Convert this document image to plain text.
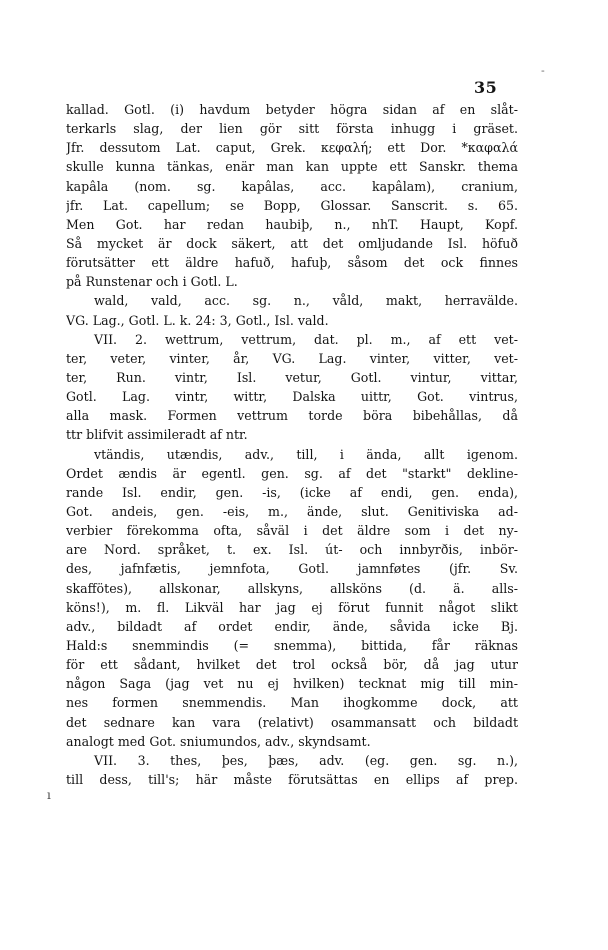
35
-
ı
kallad. Gotl. (i) havdum betyder högra sidan af en slåt-
terkarls slag, der lien gör sitt första inhugg i gräset.
Jfr. dessutom Lat. caput, Grek. κεφαλή; ett Dor. *καφαλά
skulle kunna tänkas, enär man kan uppte ett Sanskr. thema
kapâla (nom. sg. kapâlas, acc. kapâlam), cranium,
jfr. Lat. capellum; se Bopp, Glossar. Sanscrit. s. 65.
Men Got. har redan haubiþ, n., nhT. Haupt, Kopf.
Så mycket är dock säkert, att det omljudande Isl. höfuð
förutsätter ett äldre hafuð, hafuþ, såsom det ock finnes
på Runstenar och i Gotl. L.
wald, vald, acc. sg. n., våld, makt, herravälde.
VG. Lag., Gotl. L. k. 24: 3, Gotl., Isl. vald.
VII. 2. wettrum, vettrum, dat. pl. m., af ett vet-
ter, veter, vinter, år, VG. Lag. vinter, vitter, vet-
ter, Run. vintr, Isl. vetur, Gotl. vintur, vittar,
Gotl. Lag. vintr, wittr, Dalska uittr, Got. vintrus,
alla mask. Formen vettrum torde böra bibehållas, då
ttr blifvit assimileradt af ntr.
vtändis, utændis, adv., till, i ända, allt igenom.
Ordet ændis är egentl. gen. sg. af det "starkt" dekline-
rande Isl. endir, gen. -is, (icke af endi, gen. enda),
Got. andeis, gen. -eis, m., ände, slut. Genitiviska ad-
verbier förekomma ofta, såväl i det äldre som i det ny-
are Nord. språket, t. ex. Isl. út- och innbyrðis, inbör-
des, jafnfætis, jemnfota, Gotl. jamnføtes (jfr. Sv.
skaffötes), allskonar, allskyns, allsköns (d. ä. alls-
köns!), m. fl. Likväl har jag ej förut funnit något slikt
adv., bildadt af ordet endir, ände, såvida icke Bj.
Hald:s snemmindis (= snemma), bittida, får räknas
för ett sådant, hvilket det trol också bör, då jag utur
någon Saga (jag vet nu ej hvilken) tecknat mig till min-
nes formen snemmendis. Man ihogkomme dock, att
det sednare kan vara (relativt) osammansatt och bildadt
analogt med Got. sniumundos, adv., skyndsamt.
VII. 3. thes, þes, þæs, adv. (eg. gen. sg. n.),
till dess, till's; här måste förutsättas en ellips af prep.
